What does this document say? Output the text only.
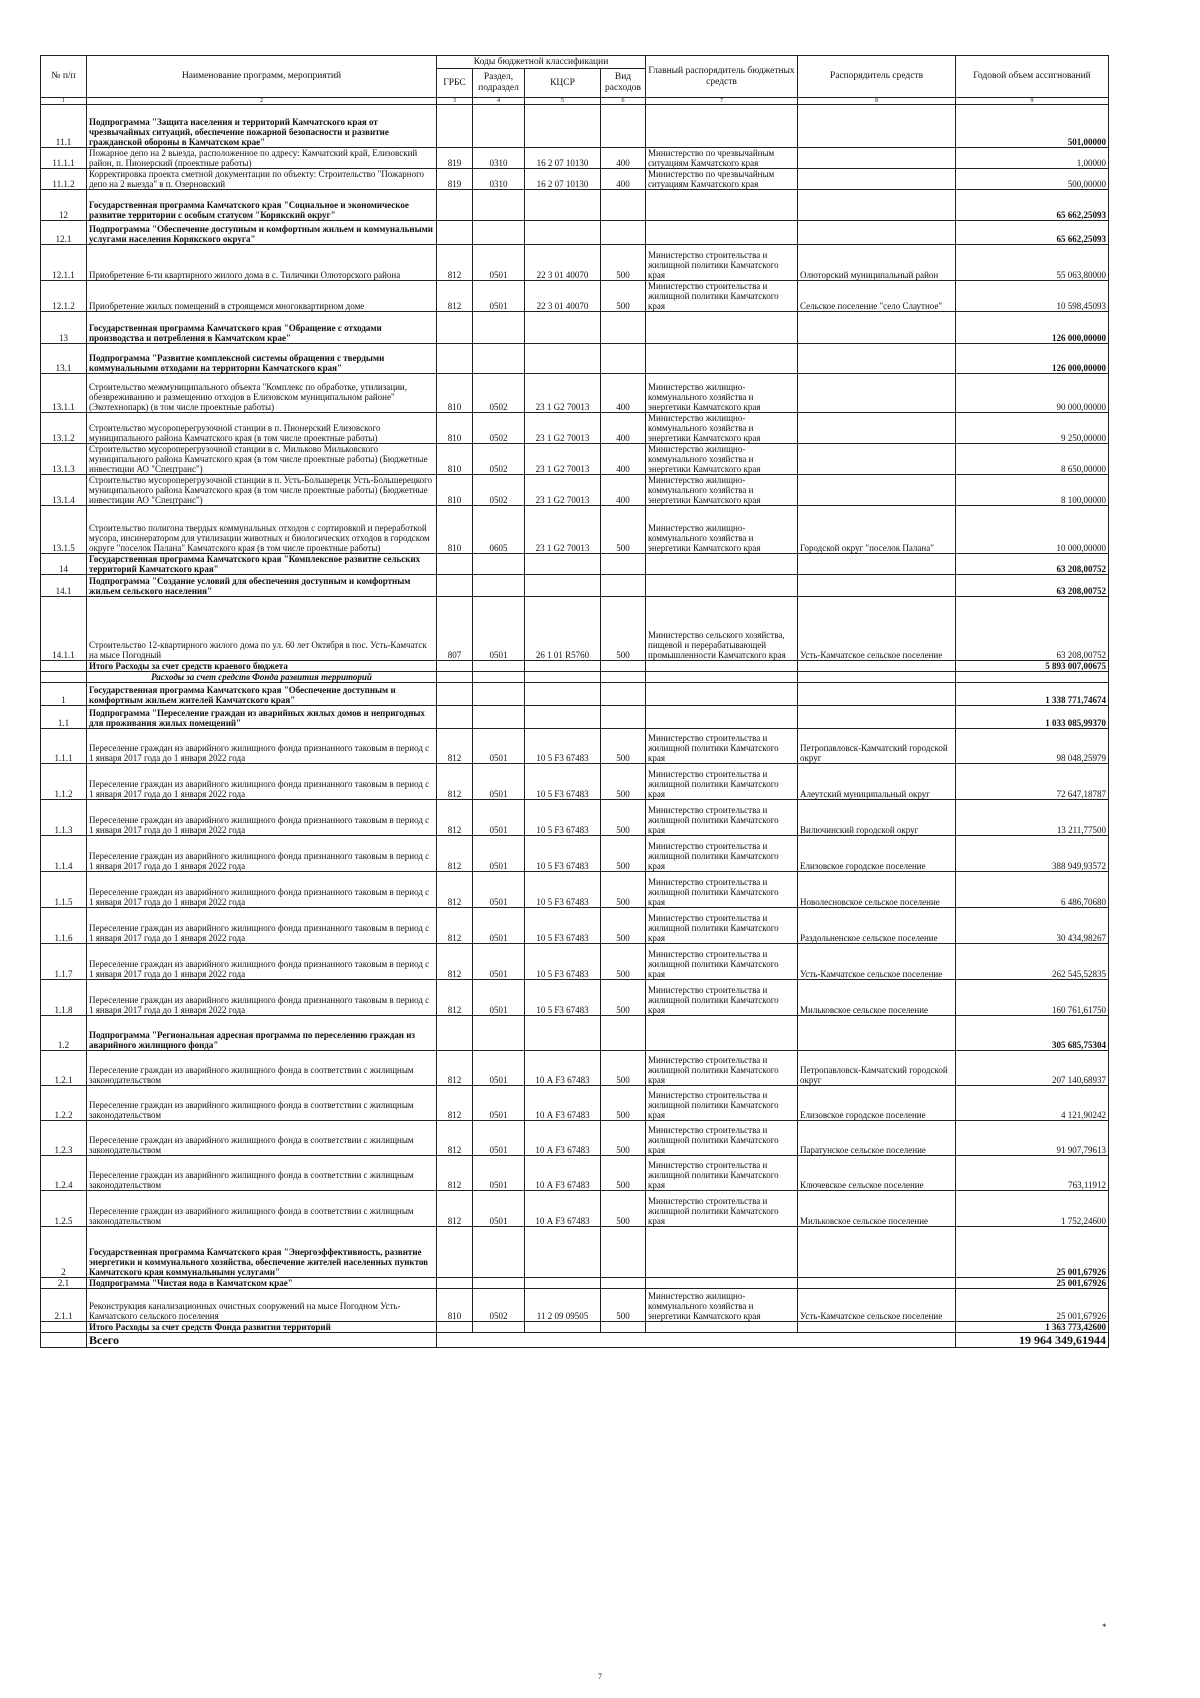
№ п/п	Наименование программ, мероприятий	Коды бюджетной классификации				Главный распорядитель бюджетных средств	Распорядитель средств	Годовой объем ассигнований
		ГРБС	Раздел, подраздел	КЦСР	Вид расходов			
1	2	3	4	5	6	7	8	9
11.1	Подпрограмма "Защита населения и территорий Камчатского края от чрезвычайных ситуаций, обеспечение пожарной безопасности и развитие гражданской обороны в Камчатском крае"							501,00000
11.1.1	Пожарное депо на 2 выезда, расположенное по адресу: Камчатский край, Елизовский район, п. Пионерский (проектные работы)	819	0310	16 2 07 10130	400	Министерство по чрезвычайным ситуациям Камчатского края		1,00000
11.1.2	Корректировка проекта сметной документации по объекту: Строительство "Пожарного депо на 2 выезда" в п. Озерновский	819	0310	16 2 07 10130	400	Министерство по чрезвычайным ситуациям Камчатского края		500,00000
12	Государственная программа Камчатского края "Социальное и экономическое развитие территории с особым статусом "Корякский округ"							65 662,25093
12.1	Подпрограмма "Обеспечение доступным и комфортным жильем и коммунальными услугами населения Корякского округа"							65 662,25093
12.1.1	Приобретение 6-ти квартирного жилого дома в с. Тиличики Олюторского района	812	0501	22 3 01 40070	500	Министерство строительства и жилищной политики Камчатского края	Олюторский муниципальный район	55 063,80000
12.1.2	Приобретение жилых помещений в строящемся многоквартирном доме	812	0501	22 3 01 40070	500	Министерство строительства и жилищной политики Камчатского края	Сельское поселение "село Слаутное"	10 598,45093
13	Государственная программа Камчатского края "Обращение с отходами производства и потребления в Камчатском крае"							126 000,00000
13.1	Подпрограмма "Развитие комплексной системы обращения с твердыми коммунальными отходами на территории Камчатского края"							126 000,00000
13.1.1	Строительство межмуниципального объекта "Комплекс по обработке, утилизации, обезвреживанию и размещению отходов в Елизовском муниципальном районе" (Экотехнопарк) (в том числе проектные работы)	810	0502	23 1 G2 70013	400	Министерство жилищно-коммунального хозяйства и энергетики Камчатского края		90 000,00000
13.1.2	Строительство мусороперегрузочной станции в п. Пионерский Елизовского муниципального района Камчатского края (в том числе проектные работы)	810	0502	23 1 G2 70013	400	Министерство жилищно-коммунального хозяйства и энергетики Камчатского края		9 250,00000
13.1.3	Строительство мусороперегрузочной станции в с. Мильково Мильковского муниципального района Камчатского края (в том числе проектные работы) (Бюджетные инвестиции АО "Спецтранс")	810	0502	23 1 G2 70013	400	Министерство жилищно-коммунального хозяйства и энергетики Камчатского края		8 650,00000
13.1.4	Строительство мусороперегрузочной станции в п. Усть-Большерецк Усть-Большерецкого муниципального района Камчатского края (в том числе проектные работы) (Бюджетные инвестиции АО "Спецтранс")	810	0502	23 1 G2 70013	400	Министерство жилищно-коммунального хозяйства и энергетики Камчатского края		8 100,00000
13.1.5	Строительство полигона твердых коммунальных отходов с сортировкой и переработкой мусора, инсинератором для утилизации животных и биологических отходов в городском округе "поселок Палана" Камчатского края (в том числе проектные работы)	810	0605	23 1 G2 70013	500	Министерство жилищно-коммунального хозяйства и энергетики Камчатского края	Городской округ "поселок Палана"	10 000,00000
14	Государственная программа Камчатского края "Комплексное развитие сельских территорий Камчатского края"							63 208,00752
14.1	Подпрограмма "Создание условий для обеспечения доступным и комфортным жильем сельского населения"							63 208,00752
14.1.1	Строительство 12-квартирного жилого дома по ул. 60 лет Октября в пос. Усть-Камчатск на мысе Погодный	807	0501	26 1 01 R5760	500	Министерство сельского хозяйства, пищевой и перерабатывающей промышленности Камчатского края	Усть-Камчатское сельское поселение	63 208,00752
	Итого Расходы за счет средств краевого бюджета							5 893 007,00675
	Расходы за счет средств Фонда развития территорий							
1	Государственная программа Камчатского края "Обеспечение доступным и комфортным жильем жителей Камчатского края"							1 338 771,74674
1.1	Подпрограмма "Переселение граждан из аварийных жилых домов и непригодных для проживания жилых помещений"							1 033 085,99370
1.1.1	Переселение граждан из аварийного жилищного фонда признанного таковым в период с 1 января 2017 года до 1 января 2022 года	812	0501	10 5 F3 67483	500	Министерство строительства и жилищной политики Камчатского края	Петропавловск-Камчатский городской округ	98 048,25979
1.1.2	Переселение граждан из аварийного жилищного фонда признанного таковым в период с 1 января 2017 года до 1 января 2022 года	812	0501	10 5 F3 67483	500	Министерство строительства и жилищной политики Камчатского края	Алеутский муниципальный округ	72 647,18787
1.1.3	Переселение граждан из аварийного жилищного фонда признанного таковым в период с 1 января 2017 года до 1 января 2022 года	812	0501	10 5 F3 67483	500	Министерство строительства и жилищной политики Камчатского края	Вилючинский городской округ	13 211,77500
1.1.4	Переселение граждан из аварийного жилищного фонда признанного таковым в период с 1 января 2017 года до 1 января 2022 года	812	0501	10 5 F3 67483	500	Министерство строительства и жилищной политики Камчатского края	Елизовское городское поселение	388 949,93572
1.1.5	Переселение граждан из аварийного жилищного фонда признанного таковым в период с 1 января 2017 года до 1 января 2022 года	812	0501	10 5 F3 67483	500	Министерство строительства и жилищной политики Камчатского края	Новолесновское сельское поселение	6 486,70680
1.1.6	Переселение граждан из аварийного жилищного фонда признанного таковым в период с 1 января 2017 года до 1 января 2022 года	812	0501	10 5 F3 67483	500	Министерство строительства и жилищной политики Камчатского края	Раздольненское сельское поселение	30 434,98267
1.1.7	Переселение граждан из аварийного жилищного фонда признанного таковым в период с 1 января 2017 года до 1 января 2022 года	812	0501	10 5 F3 67483	500	Министерство строительства и жилищной политики Камчатского края	Усть-Камчатское сельское поселение	262 545,52835
1.1.8	Переселение граждан из аварийного жилищного фонда признанного таковым в период с 1 января 2017 года до 1 января 2022 года	812	0501	10 5 F3 67483	500	Министерство строительства и жилищной политики Камчатского края	Мильковское сельское поселение	160 761,61750
1.2	Подпрограмма "Региональная адресная программа по переселению граждан из аварийного жилищного фонда"							305 685,75304
1.2.1	Переселение граждан из аварийного жилищного фонда в соответствии с жилищным законодательством	812	0501	10 А F3 67483	500	Министерство строительства и жилищной политики Камчатского края	Петропавловск-Камчатский городской округ	207 140,68937
1.2.2	Переселение граждан из аварийного жилищного фонда в соответствии с жилищным законодательством	812	0501	10 А F3 67483	500	Министерство строительства и жилищной политики Камчатского края	Елизовское городское поселение	4 121,90242
1.2.3	Переселение граждан из аварийного жилищного фонда в соответствии с жилищным законодательством	812	0501	10 А F3 67483	500	Министерство строительства и жилищной политики Камчатского края	Паратунское сельское поселение	91 907,79613
1.2.4	Переселение граждан из аварийного жилищного фонда в соответствии с жилищным законодательством	812	0501	10 А F3 67483	500	Министерство строительства и жилищной политики Камчатского края	Ключевское сельское поселение	763,11912
1.2.5	Переселение граждан из аварийного жилищного фонда в соответствии с жилищным законодательством	812	0501	10 А F3 67483	500	Министерство строительства и жилищной политики Камчатского края	Мильковское сельское поселение	1 752,24600
2	Государственная программа Камчатского края "Энергоэффективность, развитие энергетики и коммунального хозяйства, обеспечение жителей населенных пунктов Камчатского края коммунальными услугами"							25 001,67926
2.1	Подпрограмма "Чистая вода в Камчатском крае"							25 001,67926
2.1.1	Реконструкция канализационных очистных сооружений на мысе Погодном Усть-Камчатского сельского поселения	810	0502	11 2 09 09505	500	Министерство жилищно-коммунального хозяйства и энергетики Камчатского края	Усть-Камчатское сельское поселение	25 001,67926
	Итого Расходы за счет средств Фонда развития территорий							1 363 773,42600
	Всего							19 964 349,61944
*
7
